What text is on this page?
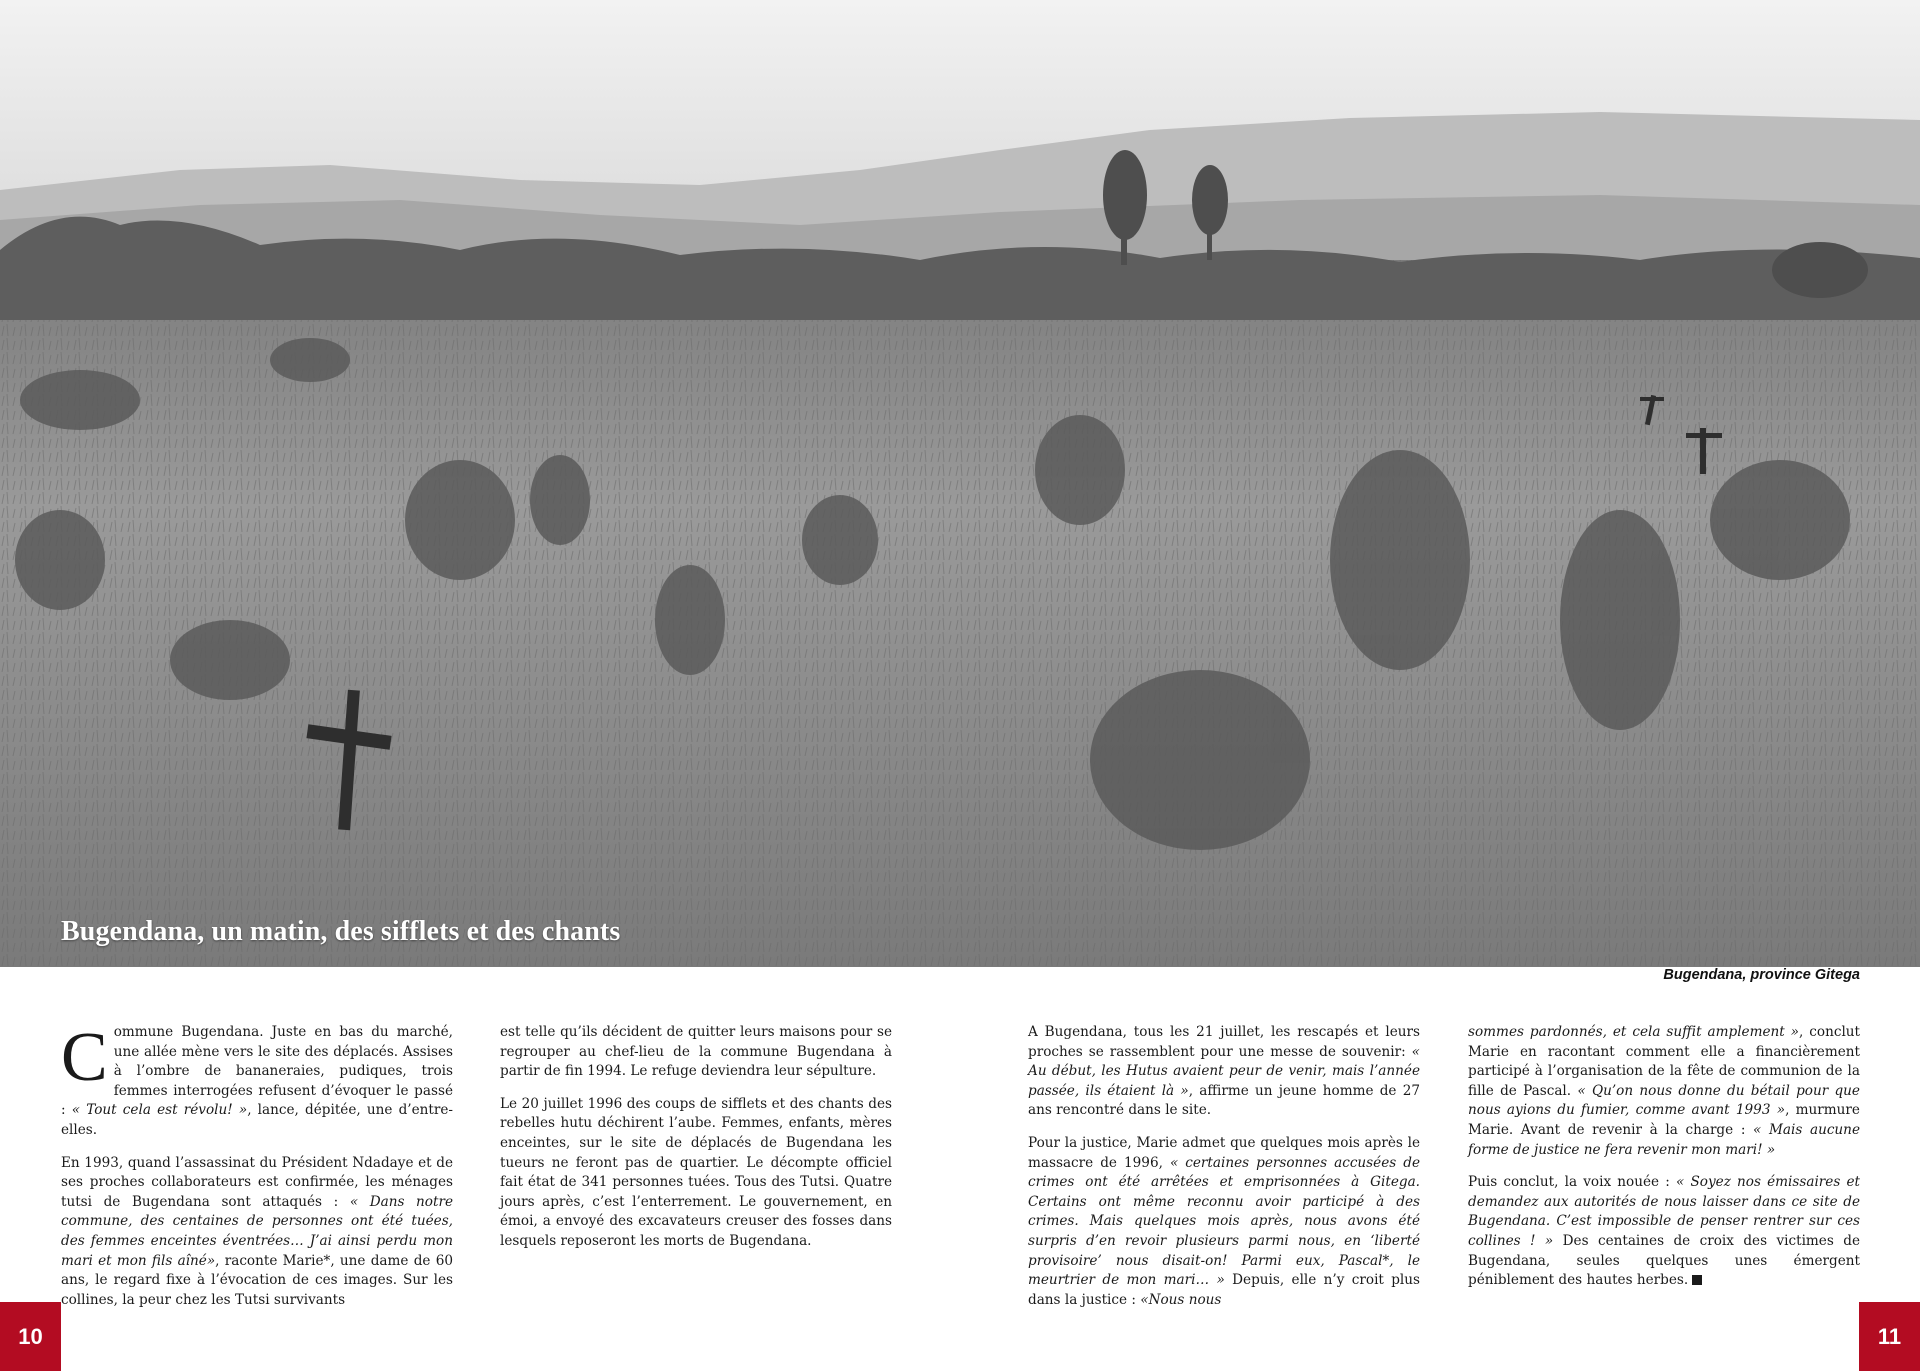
Bugendana, un matin, des sifflets et des chants
Bugendana, province Gitega

Commune Bugendana. Juste en bas du marché, une allée mène vers le site des déplacés. Assises à l’ombre de bananeraies, pudiques, trois femmes interrogées refusent d’évoquer le passé : « Tout cela est révolu! », lance, dépitée, une d’entre-elles.

En 1993, quand l’assassinat du Président Ndadaye et de ses proches collaborateurs est confirmée, les ménages tutsi de Bugendana sont attaqués : « Dans notre commune, des centaines de personnes ont été tuées, des femmes enceintes éventrées… J’ai ainsi perdu mon mari et mon fils aîné», raconte Marie*, une dame de 60 ans, le regard fixe à l’évocation de ces images. Sur les collines, la peur chez les Tutsi survivants

est telle qu’ils décident de quitter leurs maisons pour se regrouper au chef-lieu de la commune Bugendana à partir de fin 1994. Le refuge deviendra leur sépulture.

Le 20 juillet 1996 des coups de sifflets et des chants des rebelles hutu déchirent l’aube. Femmes, enfants, mères enceintes, sur le site de déplacés de Bugendana les tueurs ne feront pas de quartier. Le décompte officiel fait état de 341 personnes tuées. Tous des Tutsi. Quatre jours après, c’est l’enterrement. Le gouvernement, en émoi, a envoyé des excavateurs creuser des fosses dans lesquels reposeront les morts de Bugendana.

A Bugendana, tous les 21 juillet, les rescapés et leurs proches se rassemblent pour une messe de souvenir: « Au début, les Hutus avaient peur de venir, mais l’année passée, ils étaient là », affirme un jeune homme de 27 ans rencontré dans le site.

Pour la justice, Marie admet que quelques mois après le massacre de 1996, « certaines personnes accusées de crimes ont été arrêtées et emprisonnées à Gitega. Certains ont même reconnu avoir participé à des crimes. Mais quelques mois après, nous avons été surpris d’en revoir plusieurs parmi nous, en ‘liberté provisoire’ nous disait-on! Parmi eux, Pascal*, le meurtrier de mon mari… » Depuis, elle n’y croit plus dans la justice : «Nous nous

sommes pardonnés, et cela suffit amplement », conclut Marie en racontant comment elle a financièrement participé à l’organisation de la fête de communion de la fille de Pascal. « Qu’on nous donne du bétail pour que nous ayions du fumier, comme avant 1993 », murmure Marie. Avant de revenir à la charge : « Mais aucune forme de justice ne fera revenir mon mari! »

Puis conclut, la voix nouée : « Soyez nos émissaires et demandez aux autorités de nous laisser dans ce site de Bugendana. C’est impossible de penser rentrer sur ces collines ! » Des centaines de croix des victimes de Bugendana, seules quelques unes émergent péniblement des hautes herbes.

10	11
